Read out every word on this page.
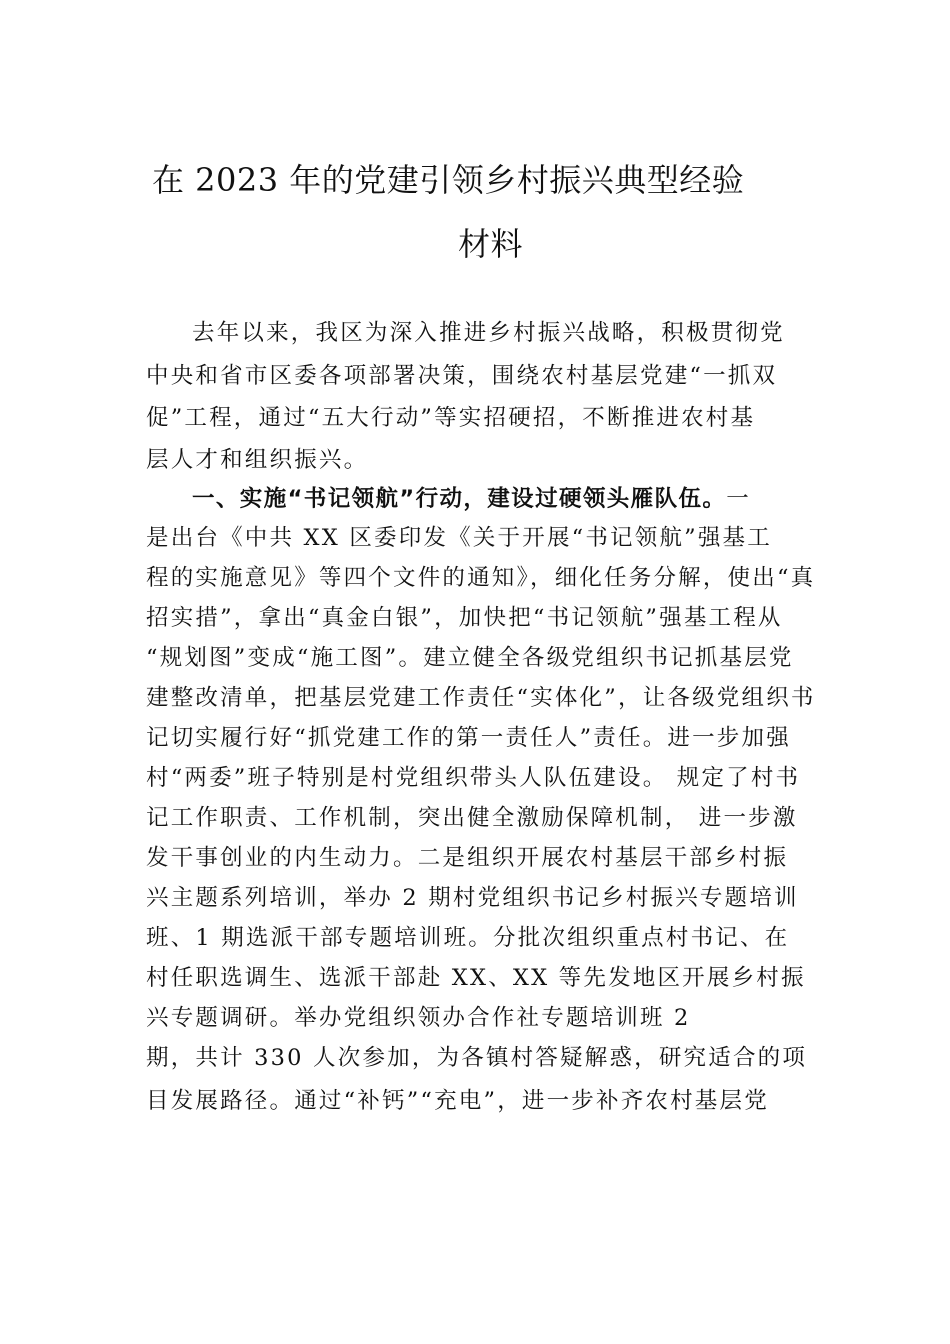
在 2023 年的党建引领乡村振兴典型经验
材料
去年以来，我区为深入推进乡村振兴战略，积极贯彻党
中央和省市区委各项部署决策，围绕农村基层党建“一抓双
促”工程，通过“五大行动”等实招硬招，不断推进农村基
层人才和组织振兴。
一、实施“书记领航”行动，建设过硬领头雁队伍。一
是出台《中共 XX 区委印发《关于开展“书记领航”强基工
程的实施意见》等四个文件的通知》，细化任务分解，使出“真
招实措”，拿出“真金白银”，加快把“书记领航”强基工程从
“规划图”变成“施工图”。建立健全各级党组织书记抓基层党
建整改清单，把基层党建工作责任“实体化”，让各级党组织书
记切实履行好“抓党建工作的第一责任人”责任。进一步加强
村“两委”班子特别是村党组织带头人队伍建设。 规定了村书
记工作职责、工作机制，突出健全激励保障机制， 进一步激
发干事创业的内生动力。二是组织开展农村基层干部乡村振
兴主题系列培训，举办 2 期村党组织书记乡村振兴专题培训
班、1 期选派干部专题培训班。分批次组织重点村书记、在
村任职选调生、选派干部赴 XX、XX 等先发地区开展乡村振
兴专题调研。举办党组织领办合作社专题培训班 2
期，共计 330 人次参加，为各镇村答疑解惑，研究适合的项
目发展路径。通过“补钙”“充电”，进一步补齐农村基层党
